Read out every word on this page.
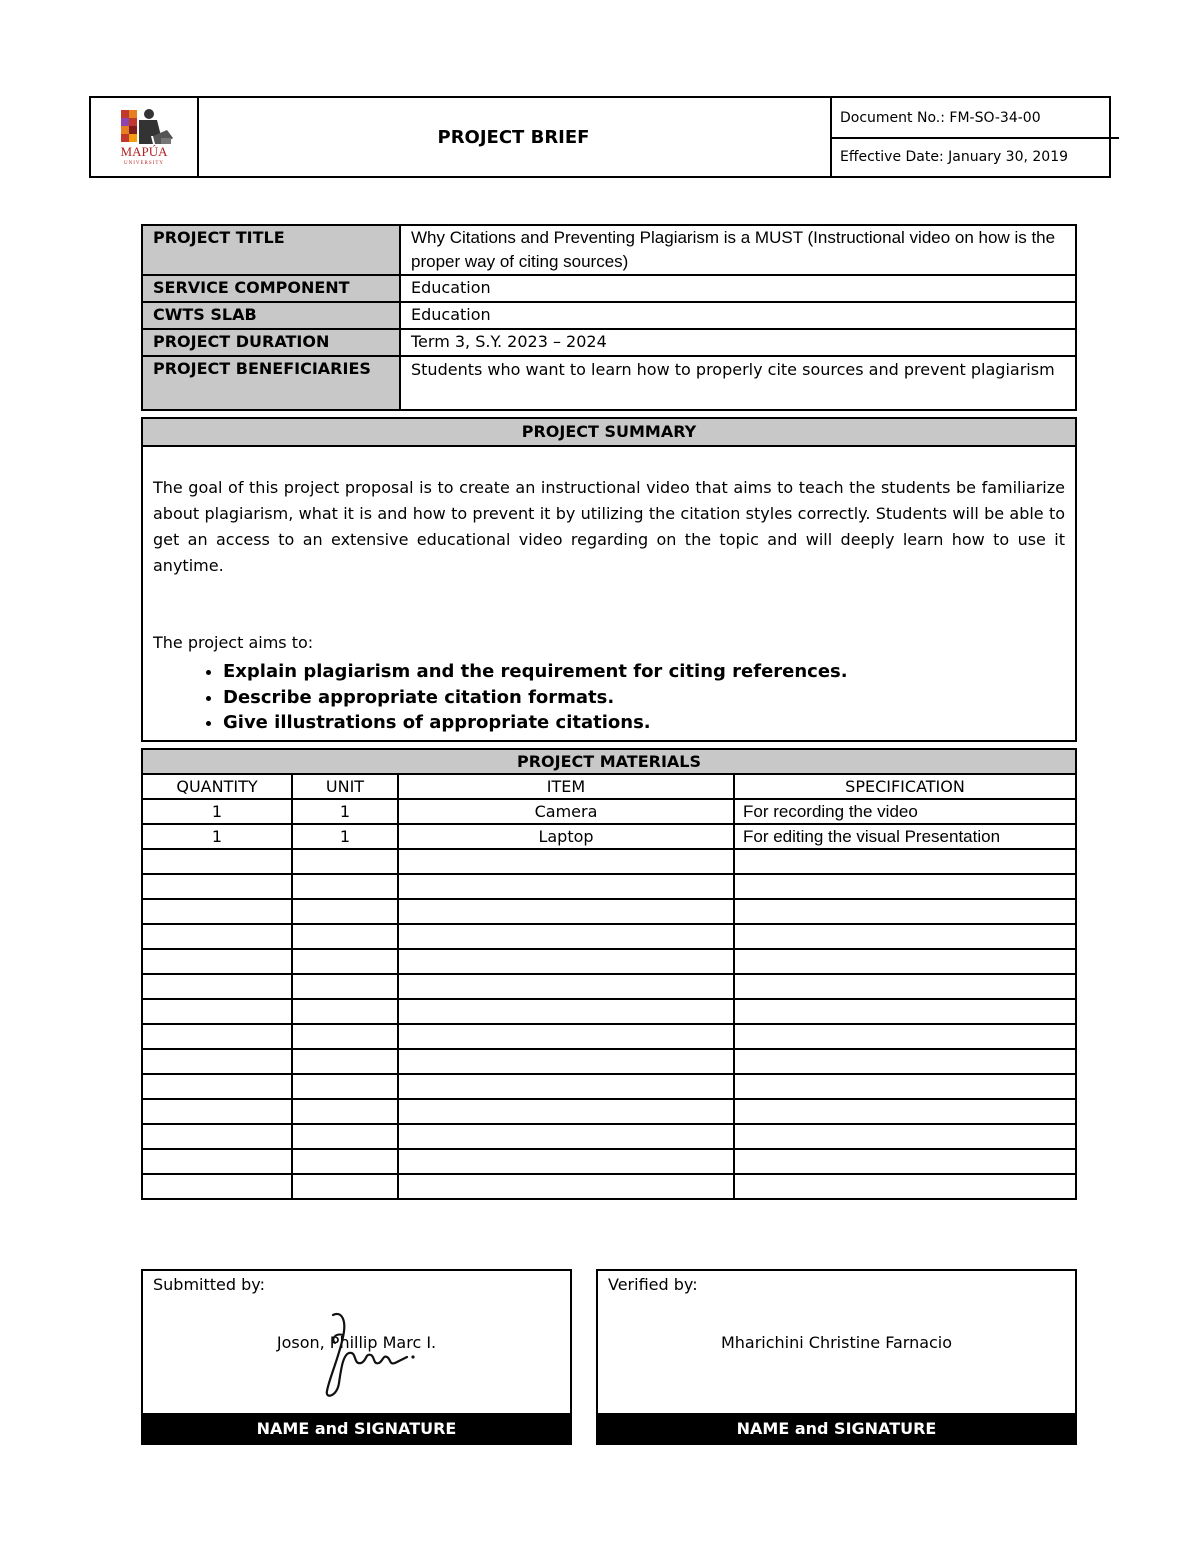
MAPÚA
UNIVERSITY
PROJECT BRIEF
Document No.: FM-SO-34-00
Effective Date: January 30, 2019
PROJECT TITLE	Why Citations and Preventing Plagiarism is a MUST (Instructional video on how is the proper way of citing sources)
SERVICE COMPONENT	Education
CWTS SLAB	Education
PROJECT DURATION	Term 3, S.Y. 2023 – 2024
PROJECT BENEFICIARIES	Students who want to learn how to properly cite sources and prevent plagiarism
PROJECT SUMMARY
The goal of this project proposal is to create an instructional video that aims to teach the students be familiarize about plagiarism, what it is and how to prevent it by utilizing the citation styles correctly. Students will be able to get an access to an extensive educational video regarding on the topic and will deeply learn how to use it anytime.
The project aims to:
• Explain plagiarism and the requirement for citing references.
• Describe appropriate citation formats.
• Give illustrations of appropriate citations.
PROJECT MATERIALS			
QUANTITY	UNIT	ITEM	SPECIFICATION
1	1	Camera	For recording the video
1	1	Laptop	For editing the visual Presentation

Submitted by:
Joson, Phillip Marc I.
NAME and SIGNATURE
Verified by:
Mharichini Christine Farnacio
NAME and SIGNATURE
